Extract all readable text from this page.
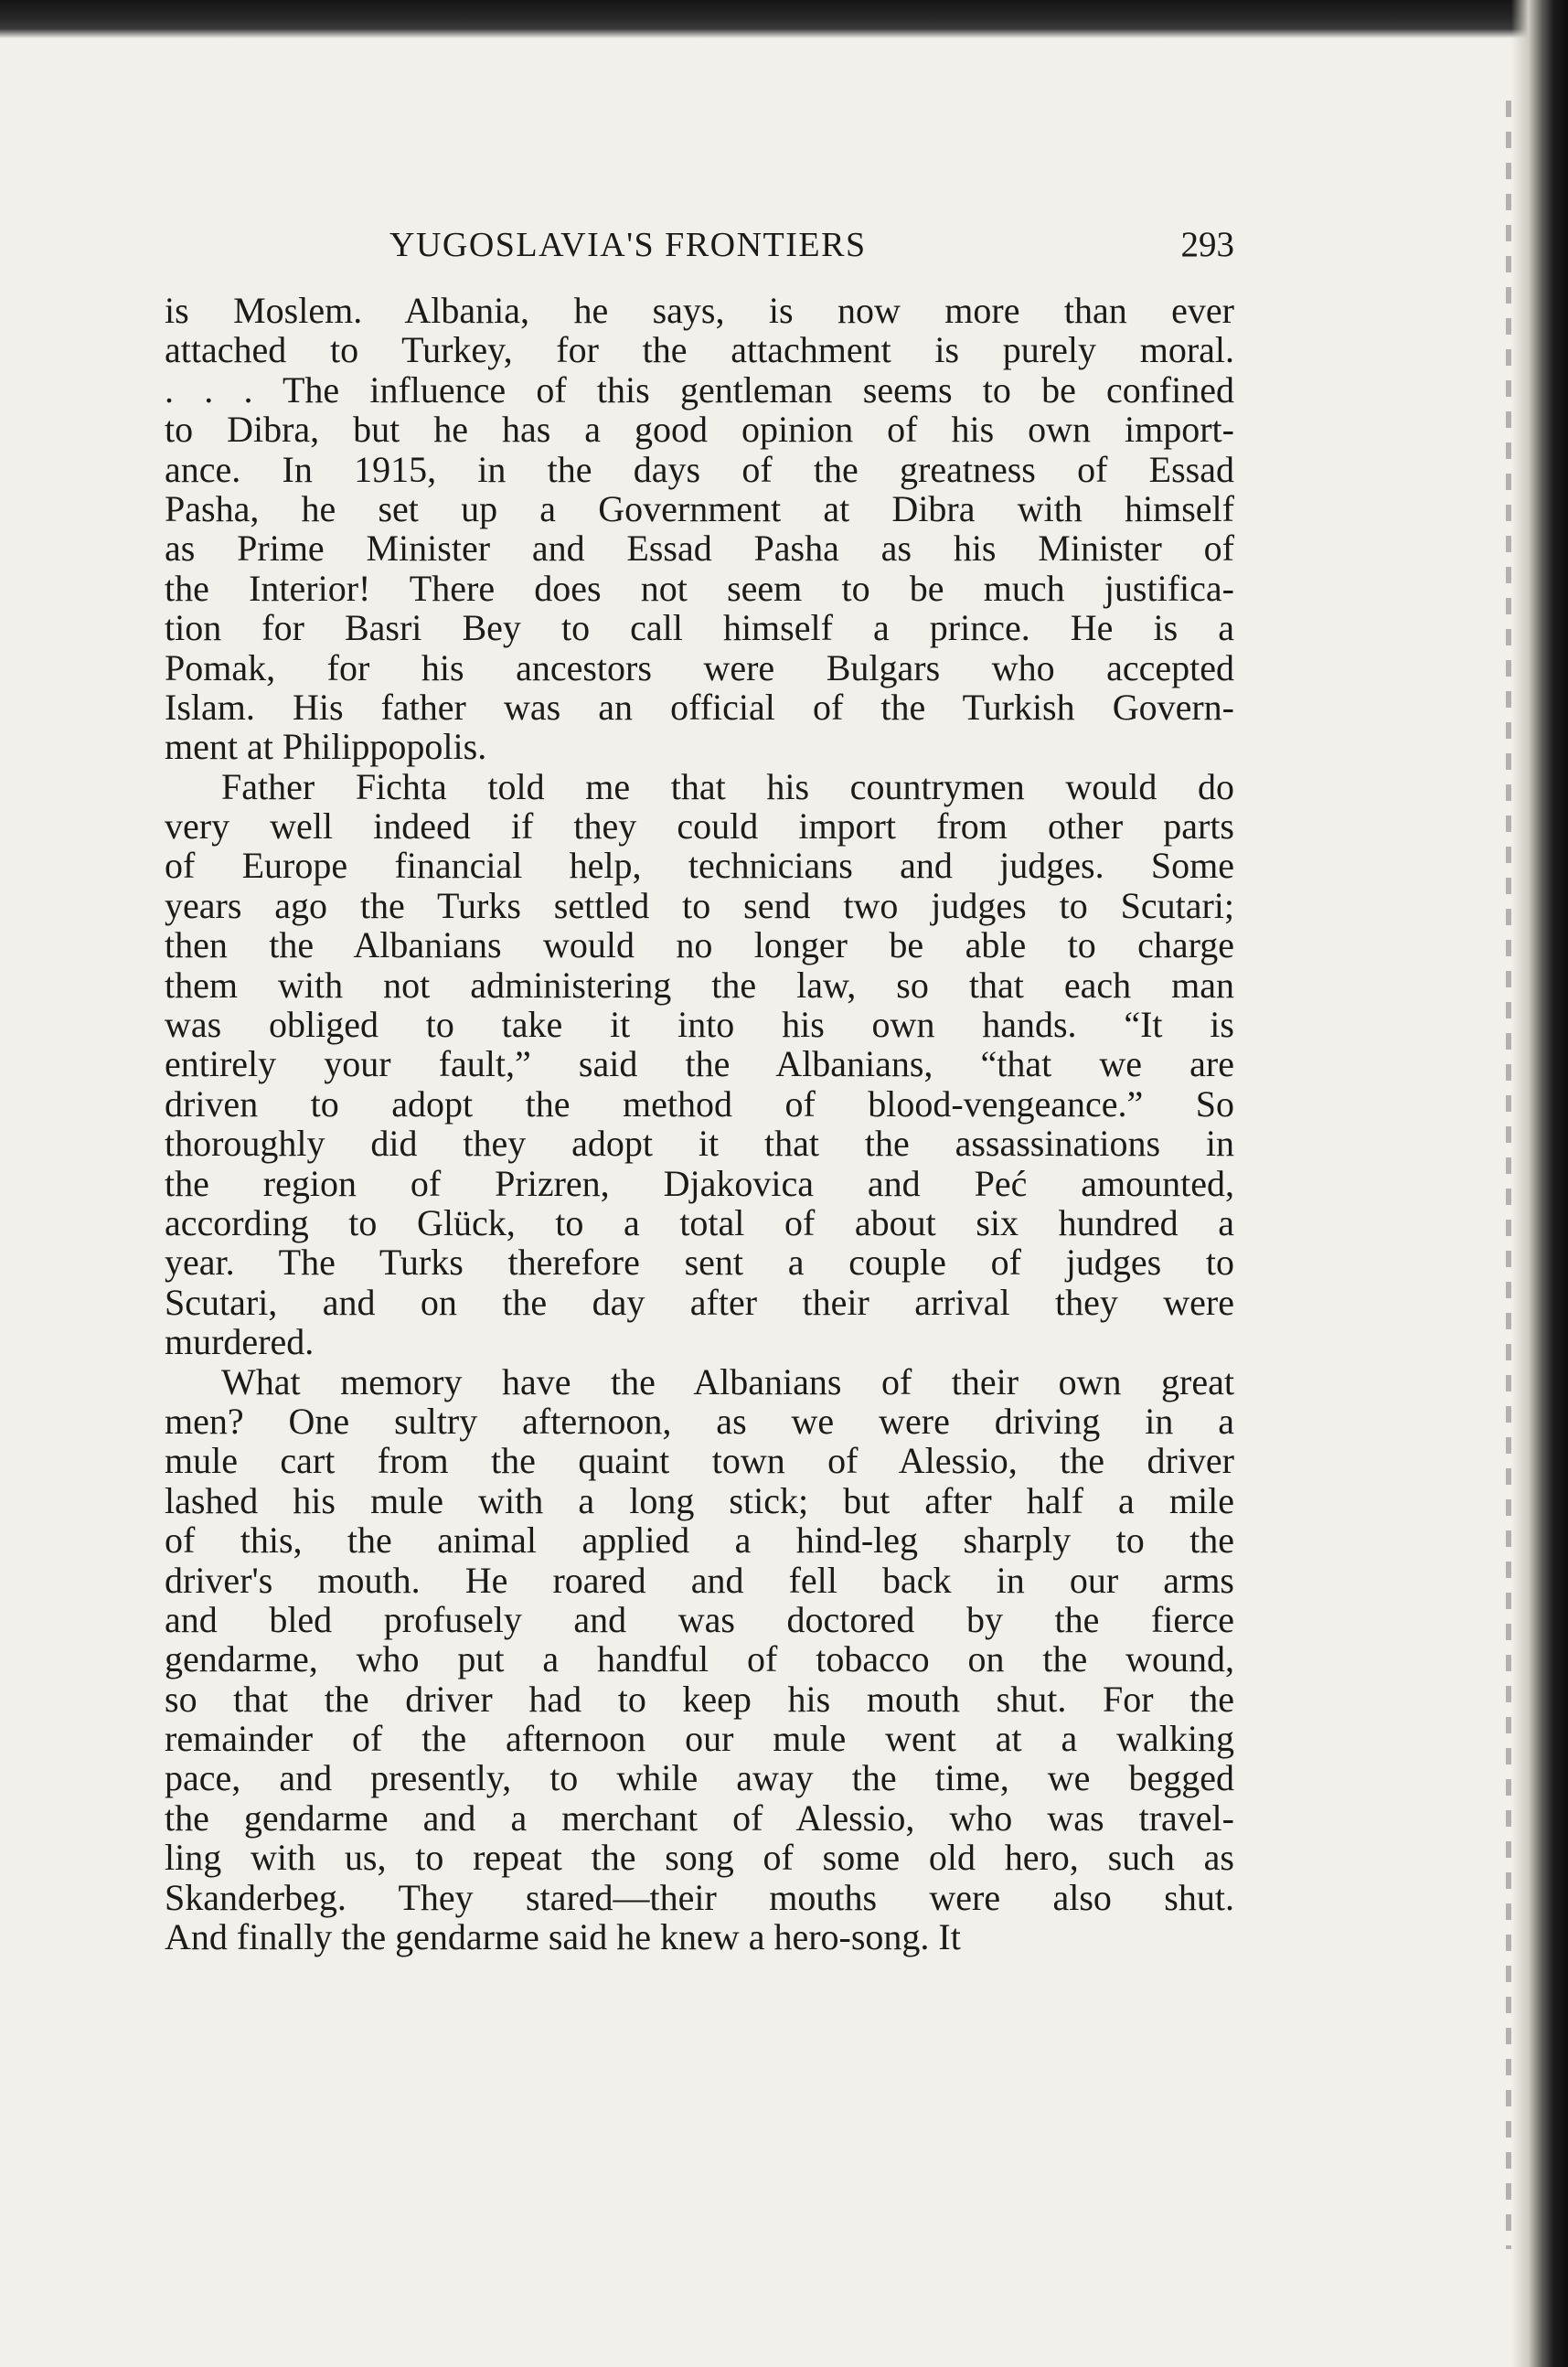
YUGOSLAVIA'S FRONTIERS	293
is Moslem. Albania, he says, is now more than ever
attached to Turkey, for the attachment is purely moral.
. . . The influence of this gentleman seems to be confined
to Dibra, but he has a good opinion of his own import-
ance. In 1915, in the days of the greatness of Essad
Pasha, he set up a Government at Dibra with himself
as Prime Minister and Essad Pasha as his Minister of
the Interior! There does not seem to be much justifica-
tion for Basri Bey to call himself a prince. He is a
Pomak, for his ancestors were Bulgars who accepted
Islam. His father was an official of the Turkish Govern-
ment at Philippopolis.
Father Fichta told me that his countrymen would do
very well indeed if they could import from other parts
of Europe financial help, technicians and judges. Some
years ago the Turks settled to send two judges to Scutari;
then the Albanians would no longer be able to charge
them with not administering the law, so that each man
was obliged to take it into his own hands. “It is
entirely your fault,” said the Albanians, “that we are
driven to adopt the method of blood-vengeance.” So
thoroughly did they adopt it that the assassinations in
the region of Prizren, Djakovica and Peć amounted,
according to Glück, to a total of about six hundred a
year. The Turks therefore sent a couple of judges to
Scutari, and on the day after their arrival they were
murdered.
What memory have the Albanians of their own great
men? One sultry afternoon, as we were driving in a
mule cart from the quaint town of Alessio, the driver
lashed his mule with a long stick; but after half a mile
of this, the animal applied a hind-leg sharply to the
driver's mouth. He roared and fell back in our arms
and bled profusely and was doctored by the fierce
gendarme, who put a handful of tobacco on the wound,
so that the driver had to keep his mouth shut. For the
remainder of the afternoon our mule went at a walking
pace, and presently, to while away the time, we begged
the gendarme and a merchant of Alessio, who was travel-
ling with us, to repeat the song of some old hero, such as
Skanderbeg. They stared—their mouths were also shut.
And finally the gendarme said he knew a hero-song. It
